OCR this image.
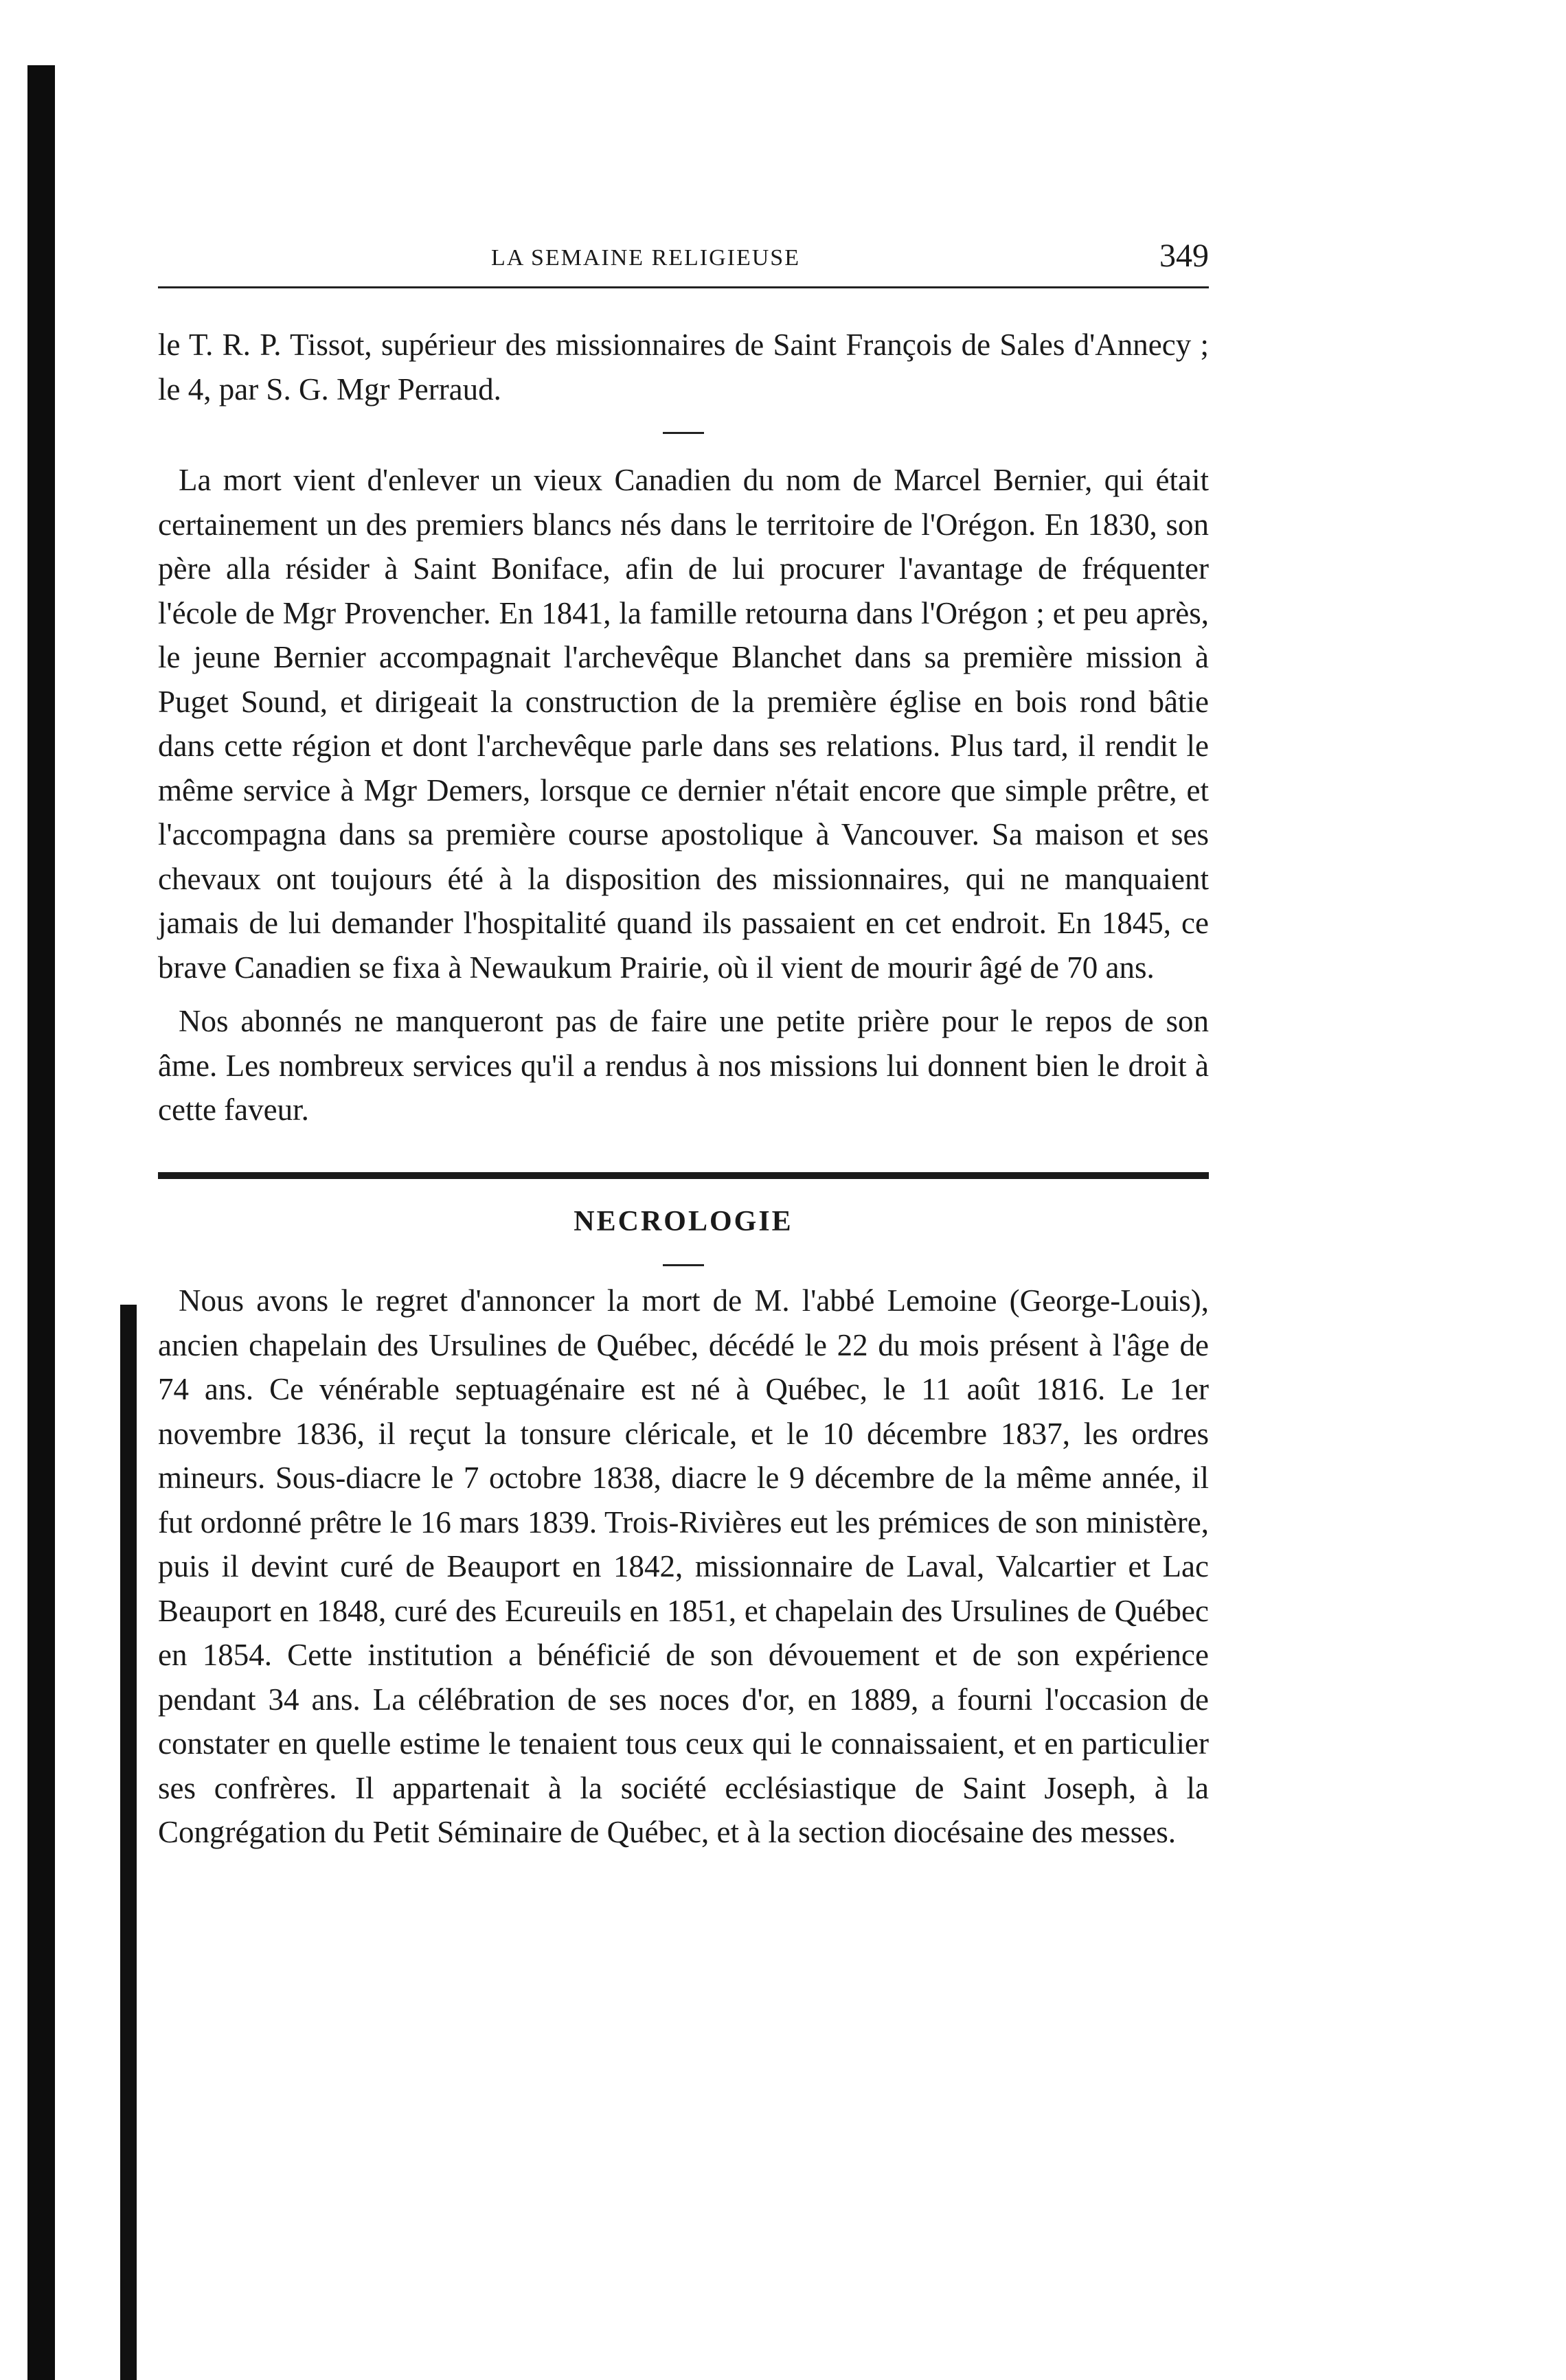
LA SEMAINE RELIGIEUSE	349

le T. R. P. Tissot, supérieur des missionnaires de Saint François de Sales d'Annecy ; le 4, par S. G. Mgr Perraud.

La mort vient d'enlever un vieux Canadien du nom de Marcel Bernier, qui était certainement un des premiers blancs nés dans le territoire de l'Orégon. En 1830, son père alla résider à Saint Boniface, afin de lui procurer l'avantage de fréquenter l'école de Mgr Provencher. En 1841, la famille retourna dans l'Orégon ; et peu après, le jeune Bernier accompagnait l'archevêque Blanchet dans sa première mission à Puget Sound, et dirigeait la construction de la première église en bois rond bâtie dans cette région et dont l'archevêque parle dans ses relations. Plus tard, il rendit le même service à Mgr Demers, lorsque ce dernier n'était encore que simple prêtre, et l'accompagna dans sa première course apostolique à Vancouver. Sa maison et ses chevaux ont toujours été à la disposition des missionnaires, qui ne manquaient jamais de lui demander l'hospitalité quand ils passaient en cet endroit. En 1845, ce brave Canadien se fixa à Newaukum Prairie, où il vient de mourir âgé de 70 ans.

Nos abonnés ne manqueront pas de faire une petite prière pour le repos de son âme. Les nombreux services qu'il a rendus à nos missions lui donnent bien le droit à cette faveur.

NECROLOGIE

Nous avons le regret d'annoncer la mort de M. l'abbé Lemoine (George-Louis), ancien chapelain des Ursulines de Québec, décédé le 22 du mois présent à l'âge de 74 ans. Ce vénérable septuagénaire est né à Québec, le 11 août 1816. Le 1er novembre 1836, il reçut la tonsure cléricale, et le 10 décembre 1837, les ordres mineurs. Sous-diacre le 7 octobre 1838, diacre le 9 décembre de la même année, il fut ordonné prêtre le 16 mars 1839. Trois-Rivières eut les prémices de son ministère, puis il devint curé de Beauport en 1842, missionnaire de Laval, Valcartier et Lac Beauport en 1848, curé des Ecureuils en 1851, et chapelain des Ursulines de Québec en 1854. Cette institution a bénéficié de son dévouement et de son expérience pendant 34 ans. La célébration de ses noces d'or, en 1889, a fourni l'occasion de constater en quelle estime le tenaient tous ceux qui le connaissaient, et en particulier ses confrères. Il appartenait à la société ecclésiastique de Saint Joseph, à la Congrégation du Petit Séminaire de Québec, et à la section diocésaine des messes.
